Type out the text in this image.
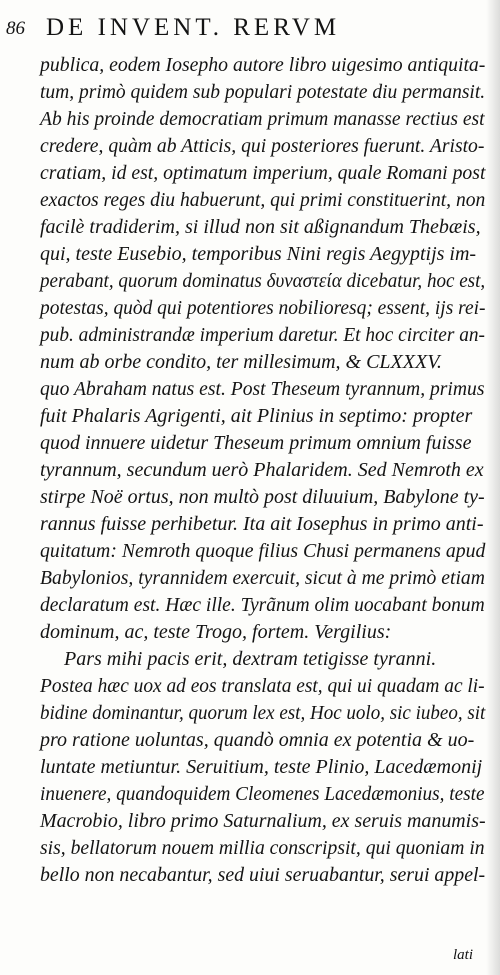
86 DE INVENT. RERVM
publica, eodem Iosepho autore libro uigesimo antiquita-
tum, primò quidem sub populari potestate diu permansit.
Ab his proinde democratiam primum manasse rectius est
credere, quàm ab Atticis, qui posteriores fuerunt. Aristo-
cratiam, id est, optimatum imperium, quale Romani post
exactos reges diu habuerunt, qui primi constituerint, non
facilè tradiderim, si illud non sit aßignandum Thebæis,
qui, teste Eusebio, temporibus Nini regis Aegyptijs im-
perabant, quorum dominatus δυναστεία dicebatur, hoc est,
potestas, quòd qui potentiores nobilioresq; essent, ijs rei-
pub. administrandæ imperium daretur. Et hoc circiter an-
num ab orbe condito, ter millesimum, & CLXXXV.
quo Abraham natus est. Post Theseum tyrannum, primus
fuit Phalaris Agrigenti, ait Plinius in septimo: propter
quod innuere uidetur Theseum primum omnium fuisse
tyrannum, secundum uerò Phalaridem. Sed Nemroth ex
stirpe Noë ortus, non multò post diluuium, Babylone ty-
rannus fuisse perhibetur. Ita ait Iosephus in primo anti-
quitatum: Nemroth quoque filius Chusi permanens apud
Babylonios, tyrannidem exercuit, sicut à me primò etiam
declaratum est. Hæc ille. Tyrãnum olim uocabant bonum
dominum, ac, teste Trogo, fortem. Vergilius:
Pars mihi pacis erit, dextram tetigisse tyranni.
Postea hæc uox ad eos translata est, qui ui quadam ac li-
bidine dominantur, quorum lex est, Hoc uolo, sic iubeo, sit
pro ratione uoluntas, quandò omnia ex potentia & uo-
luntate metiuntur. Seruitium, teste Plinio, Lacedæmonij
inuenere, quandoquidem Cleomenes Lacedæmonius, teste
Macrobio, libro primo Saturnalium, ex seruis manumis-
sis, bellatorum nouem millia conscripsit, qui quoniam in
bello non necabantur, sed uiui seruabantur, serui appel-
lati
